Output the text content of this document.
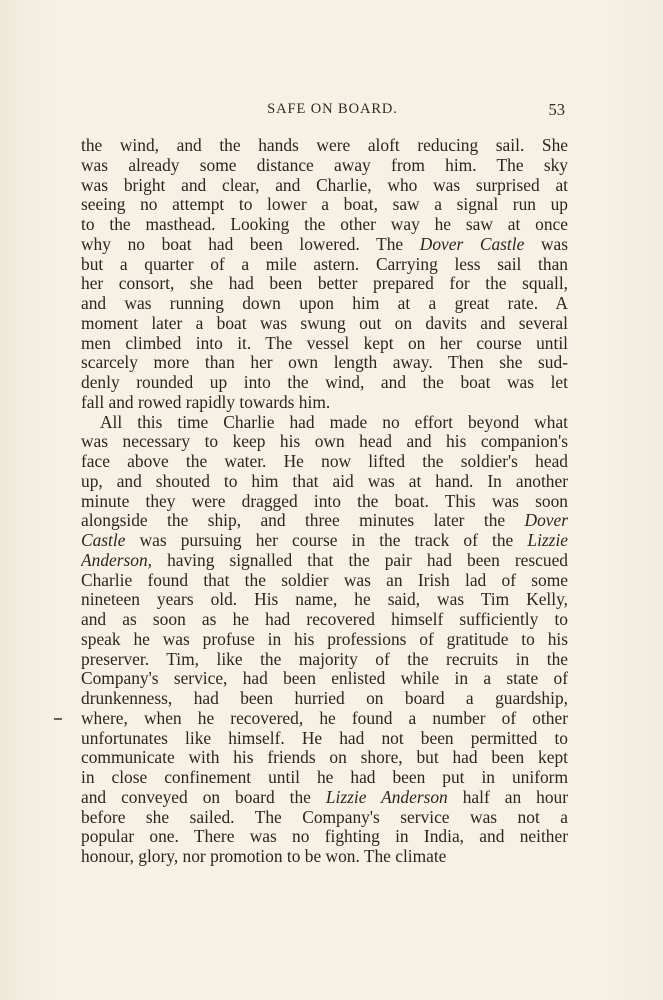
SAFE ON BOARD.	53
the wind, and the hands were aloft reducing sail. She
was already some distance away from him. The sky
was bright and clear, and Charlie, who was surprised at
seeing no attempt to lower a boat, saw a signal run up
to the masthead. Looking the other way he saw at once
why no boat had been lowered. The Dover Castle was
but a quarter of a mile astern. Carrying less sail than
her consort, she had been better prepared for the squall,
and was running down upon him at a great rate. A
moment later a boat was swung out on davits and several
men climbed into it. The vessel kept on her course until
scarcely more than her own length away. Then she sud-
denly rounded up into the wind, and the boat was let
fall and rowed rapidly towards him.
All this time Charlie had made no effort beyond what
was necessary to keep his own head and his companion's
face above the water. He now lifted the soldier's head
up, and shouted to him that aid was at hand. In another
minute they were dragged into the boat. This was soon
alongside the ship, and three minutes later the Dover
Castle was pursuing her course in the track of the Lizzie
Anderson, having signalled that the pair had been rescued
Charlie found that the soldier was an Irish lad of some
nineteen years old. His name, he said, was Tim Kelly,
and as soon as he had recovered himself sufficiently to
speak he was profuse in his professions of gratitude to his
preserver. Tim, like the majority of the recruits in the
Company's service, had been enlisted while in a state of
drunkenness, had been hurried on board a guardship,
where, when he recovered, he found a number of other
unfortunates like himself. He had not been permitted to
communicate with his friends on shore, but had been kept
in close confinement until he had been put in uniform
and conveyed on board the Lizzie Anderson half an hour
before she sailed. The Company's service was not a
popular one. There was no fighting in India, and neither
honour, glory, nor promotion to be won. The climate
